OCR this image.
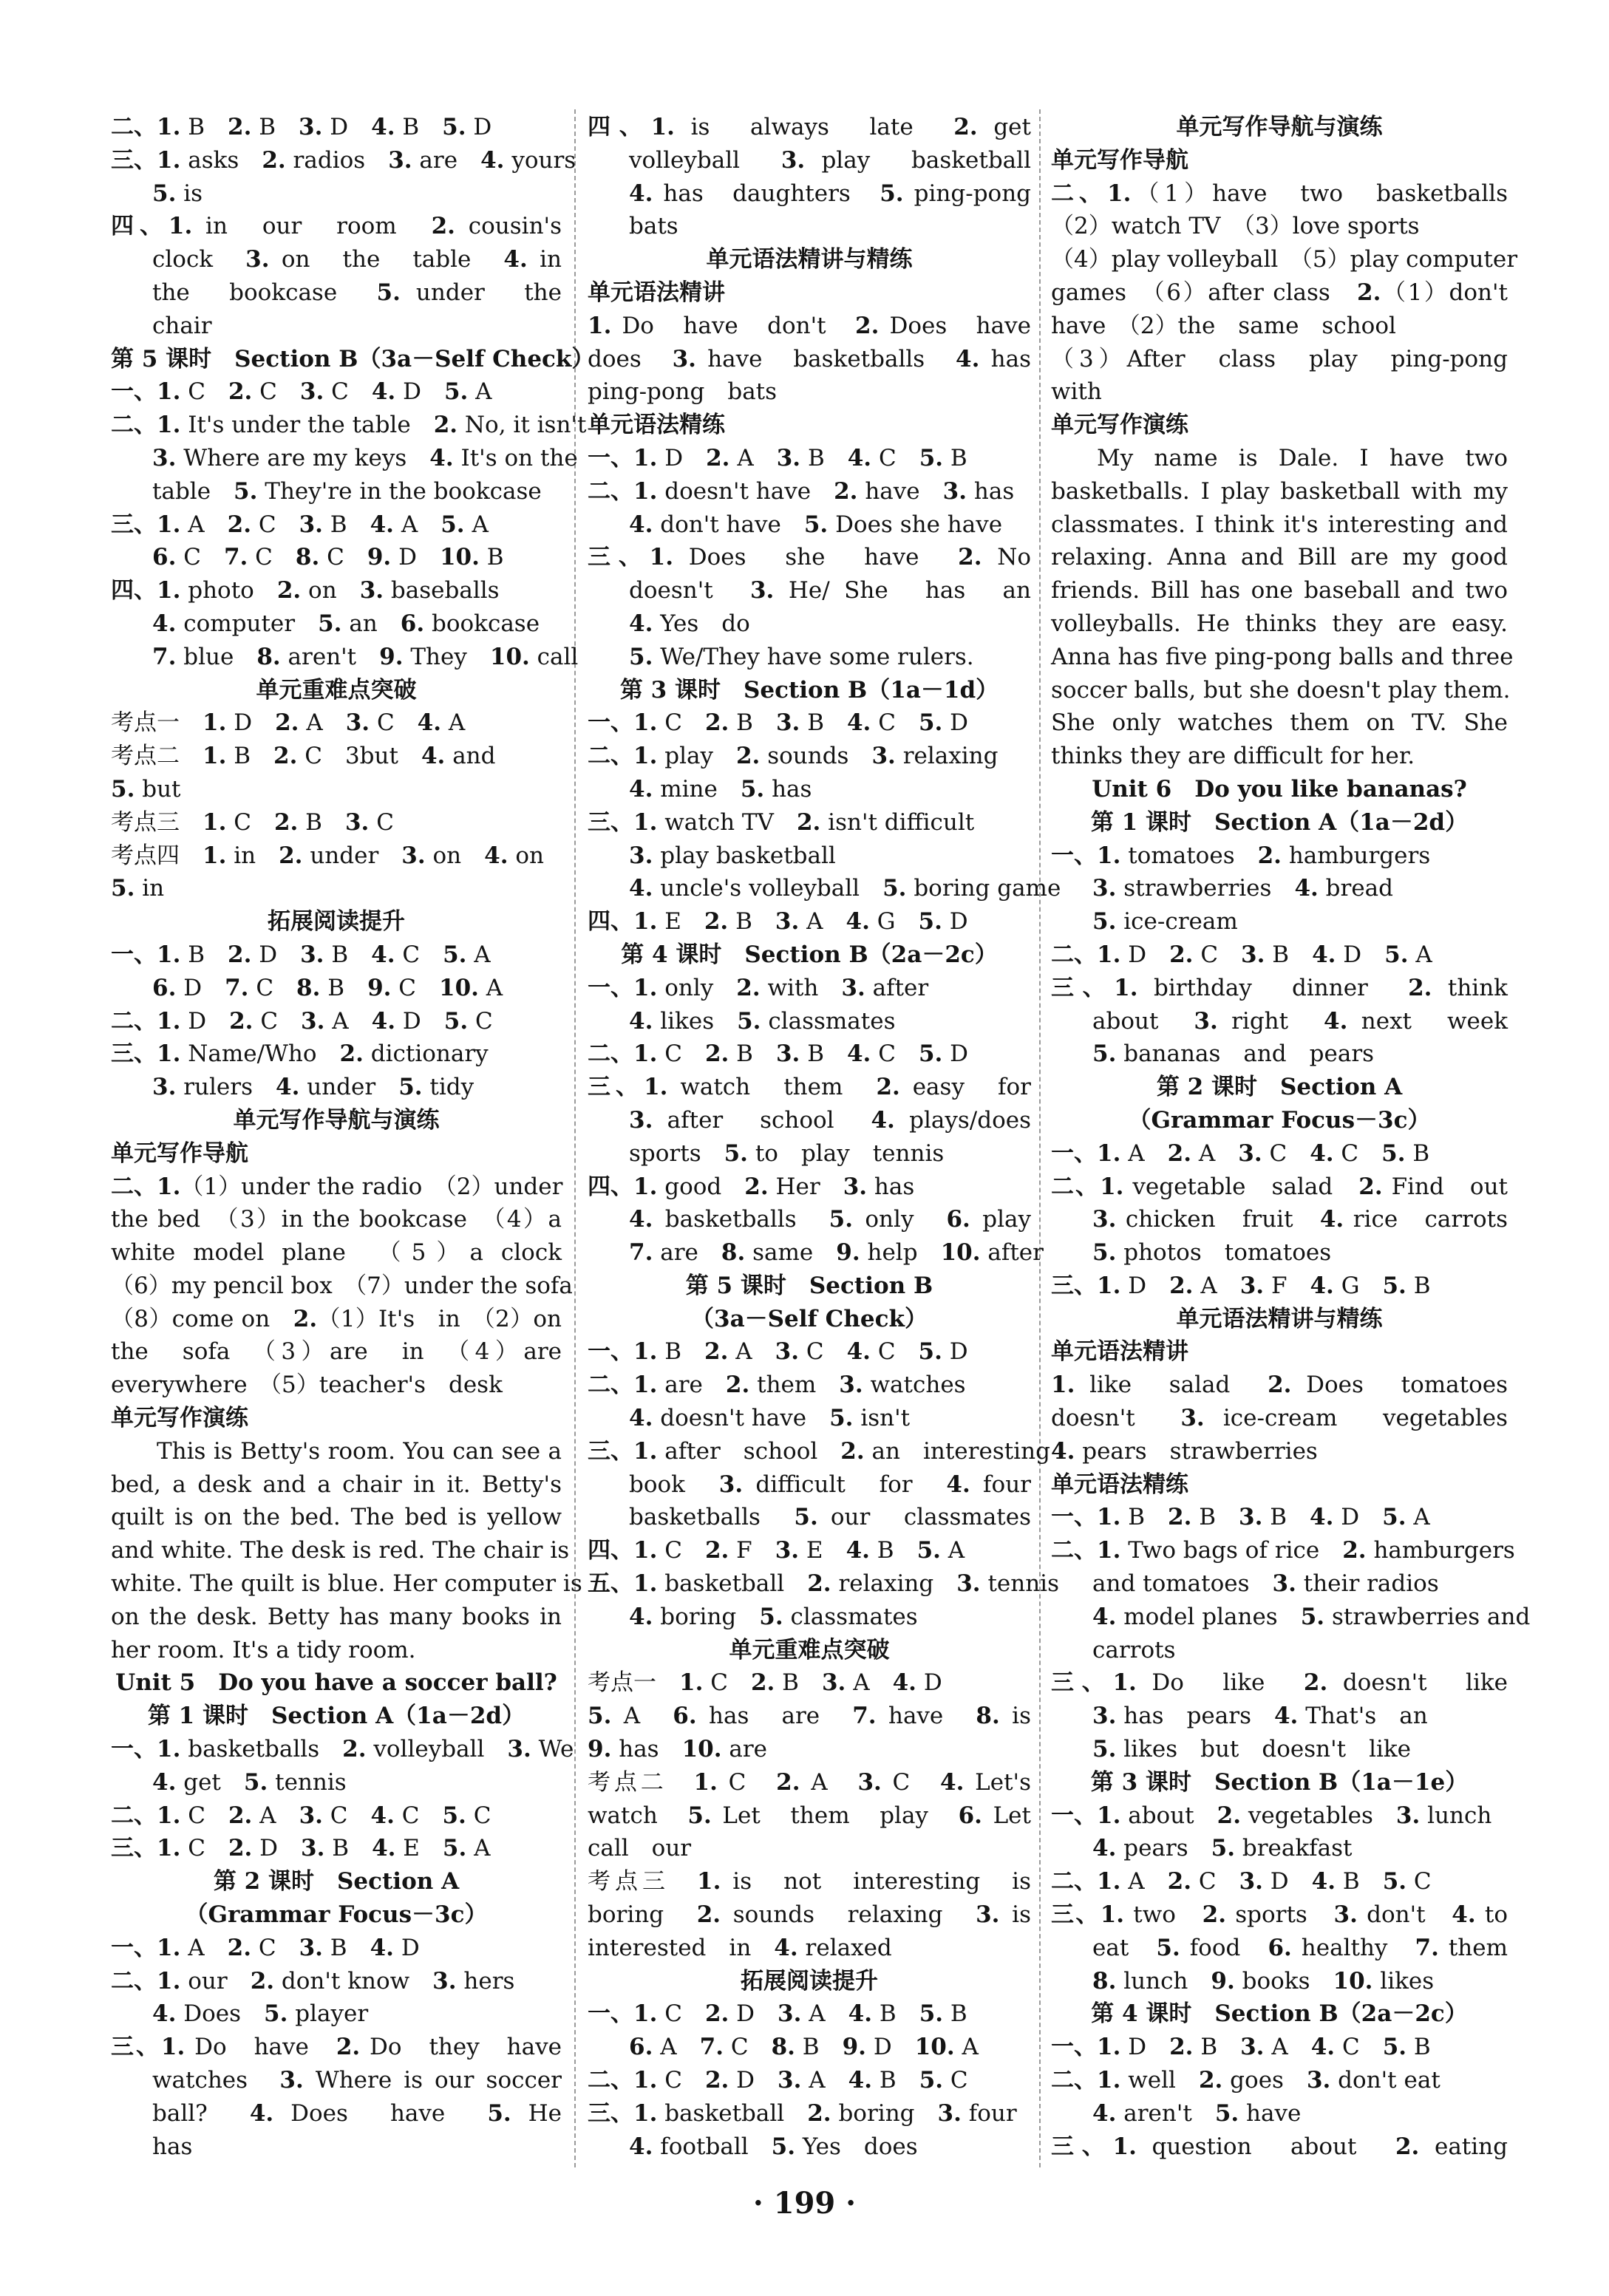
二、1. B　2. B　3. D　4. B　5. D
三、1. asks　2. radios　3. are　4. yours
5. is
四、1. in　our　room　2. cousin's
clock　3. on　the　table　4. in
the　bookcase　5. under　the
chair
第 5 课时　Section B（3a－Self Check）
一、1. C　2. C　3. C　4. D　5. A
二、1. It's under the table　2. No, it isn't
3. Where are my keys　4. It's on the
table　5. They're in the bookcase
三、1. A　2. C　3. B　4. A　5. A
6. C　7. C　8. C　9. D　10. B
四、1. photo　2. on　3. baseballs
4. computer　5. an　6. bookcase
7. blue　8. aren't　9. They　10. call
单元重难点突破
考点一　1. D　2. A　3. C　4. A
考点二　1. B　2. C　3but　4. and
5. but
考点三　1. C　2. B　3. C
考点四　1. in　2. under　3. on　4. on
5. in
拓展阅读提升
一、1. B　2. D　3. B　4. C　5. A
6. D　7. C　8. B　9. C　10. A
二、1. D　2. C　3. A　4. D　5. C
三、1. Name/Who　2. dictionary
3. rulers　4. under　5. tidy
单元写作导航与演练
单元写作导航
二、1.（1）under the radio　（2）under
the bed　（3）in the bookcase　（4）a
white model plane　（5）a clock
（6）my pencil box　（7）under the sofa
（8）come on　2.（1）It's　in　（2）on
the　sofa　（3）are　in　（4）are
everywhere　（5）teacher's　desk
单元写作演练
This is Betty's room. You can see a
bed, a desk and a chair in it. Betty's
quilt is on the bed. The bed is yellow
and white. The desk is red. The chair is
white. The quilt is blue. Her computer is
on the desk. Betty has many books in
her room. It's a tidy room.
Unit 5　Do you have a soccer ball?
第 1 课时　Section A（1a－2d）
一、1. basketballs　2. volleyball　3. We
4. get　5. tennis
二、1. C　2. A　3. C　4. C　5. C
三、1. C　2. D　3. B　4. E　5. A
第 2 课时　Section A
（Grammar Focus－3c）
一、1. A　2. C　3. B　4. D
二、1. our　2. don't know　3. hers
4. Does　5. player
三、1. Do　have　2. Do　they　have
watches　3. Where is our soccer
ball?　4. Does　have　5. He
has
四、1. is　always　late　2. get
volleyball　3. play　basketball
4. has　daughters　5. ping-pong
bats
单元语法精讲与精练
单元语法精讲
1. Do　have　don't　2. Does　have
does　3. have　basketballs　4. has
ping-pong　bats
单元语法精练
一、1. D　2. A　3. B　4. C　5. B
二、1. doesn't have　2. have　3. has
4. don't have　5. Does she have
三、1. Does　she　have　2. No
doesn't　3. He/ She　has　an
4. Yes　do
5. We/They have some rulers.
第 3 课时　Section B（1a－1d）
一、1. C　2. B　3. B　4. C　5. D
二、1. play　2. sounds　3. relaxing
4. mine　5. has
三、1. watch TV　2. isn't difficult
3. play basketball
4. uncle's volleyball　5. boring game
四、1. E　2. B　3. A　4. G　5. D
第 4 课时　Section B（2a－2c）
一、1. only　2. with　3. after
4. likes　5. classmates
二、1. C　2. B　3. B　4. C　5. D
三、1. watch　them　2. easy　for
3. after　school　4. plays/does
sports　5. to　play　tennis
四、1. good　2. Her　3. has
4. basketballs　5. only　6. play
7. are　8. same　9. help　10. after
第 5 课时　Section B
（3a－Self Check）
一、1. B　2. A　3. C　4. C　5. D
二、1. are　2. them　3. watches
4. doesn't have　5. isn't
三、1. after　school　2. an　interesting
book　3. difficult　for　4. four
basketballs　5. our　classmates
四、1. C　2. F　3. E　4. B　5. A
五、1. basketball　2. relaxing　3. tennis
4. boring　5. classmates
单元重难点突破
考点一　1. C　2. B　3. A　4. D
5. A　6. has　are　7. have　8. is
9. has　10. are
考点二　1. C　2. A　3. C　4. Let's
watch　5. Let　them　play　6. Let
call　our
考点三　1. is　not　interesting　is
boring　2. sounds　relaxing　3. is
interested　in　4. relaxed
拓展阅读提升
一、1. C　2. D　3. A　4. B　5. B
6. A　7. C　8. B　9. D　10. A
二、1. C　2. D　3. A　4. B　5. C
三、1. basketball　2. boring　3. four
4. football　5. Yes　does
单元写作导航与演练
单元写作导航
二、1.（1）have　two　basketballs
（2）watch TV　（3）love sports
（4）play volleyball　（5）play computer
games　（6）after class　2.（1）don't
have　（2）the　same　school
（3）After　class　play　ping-pong
with
单元写作演练
My name is Dale. I have two
basketballs. I play basketball with my
classmates. I think it's interesting and
relaxing. Anna and Bill are my good
friends. Bill has one baseball and two
volleyballs. He thinks they are easy.
Anna has five ping-pong balls and three
soccer balls, but she doesn't play them.
She only watches them on TV. She
thinks they are difficult for her.
Unit 6　Do you like bananas?
第 1 课时　Section A（1a－2d）
一、1. tomatoes　2. hamburgers
3. strawberries　4. bread
5. ice-cream
二、1. D　2. C　3. B　4. D　5. A
三、1. birthday　dinner　2. think
about　3. right　4. next　week
5. bananas　and　pears
第 2 课时　Section A
（Grammar Focus－3c）
一、1. A　2. A　3. C　4. C　5. B
二、1. vegetable　salad　2. Find　out
3. chicken　fruit　4. rice　carrots
5. photos　tomatoes
三、1. D　2. A　3. F　4. G　5. B
单元语法精讲与精练
单元语法精讲
1. like　salad　2. Does　tomatoes
doesn't　3. ice-cream　vegetables
4. pears　strawberries
单元语法精练
一、1. B　2. B　3. B　4. D　5. A
二、1. Two bags of rice　2. hamburgers
and tomatoes　3. their radios
4. model planes　5. strawberries and
carrots
三、1. Do　like　2. doesn't　like
3. has　pears　4. That's　an
5. likes　but　doesn't　like
第 3 课时　Section B（1a－1e）
一、1. about　2. vegetables　3. lunch
4. pears　5. breakfast
二、1. A　2. C　3. D　4. B　5. C
三、1. two　2. sports　3. don't　4. to
eat　5. food　6. healthy　7. them
8. lunch　9. books　10. likes
第 4 课时　Section B（2a－2c）
一、1. D　2. B　3. A　4. C　5. B
二、1. well　2. goes　3. don't eat
4. aren't　5. have
三、1. question　about　2. eating
· 199 ·
